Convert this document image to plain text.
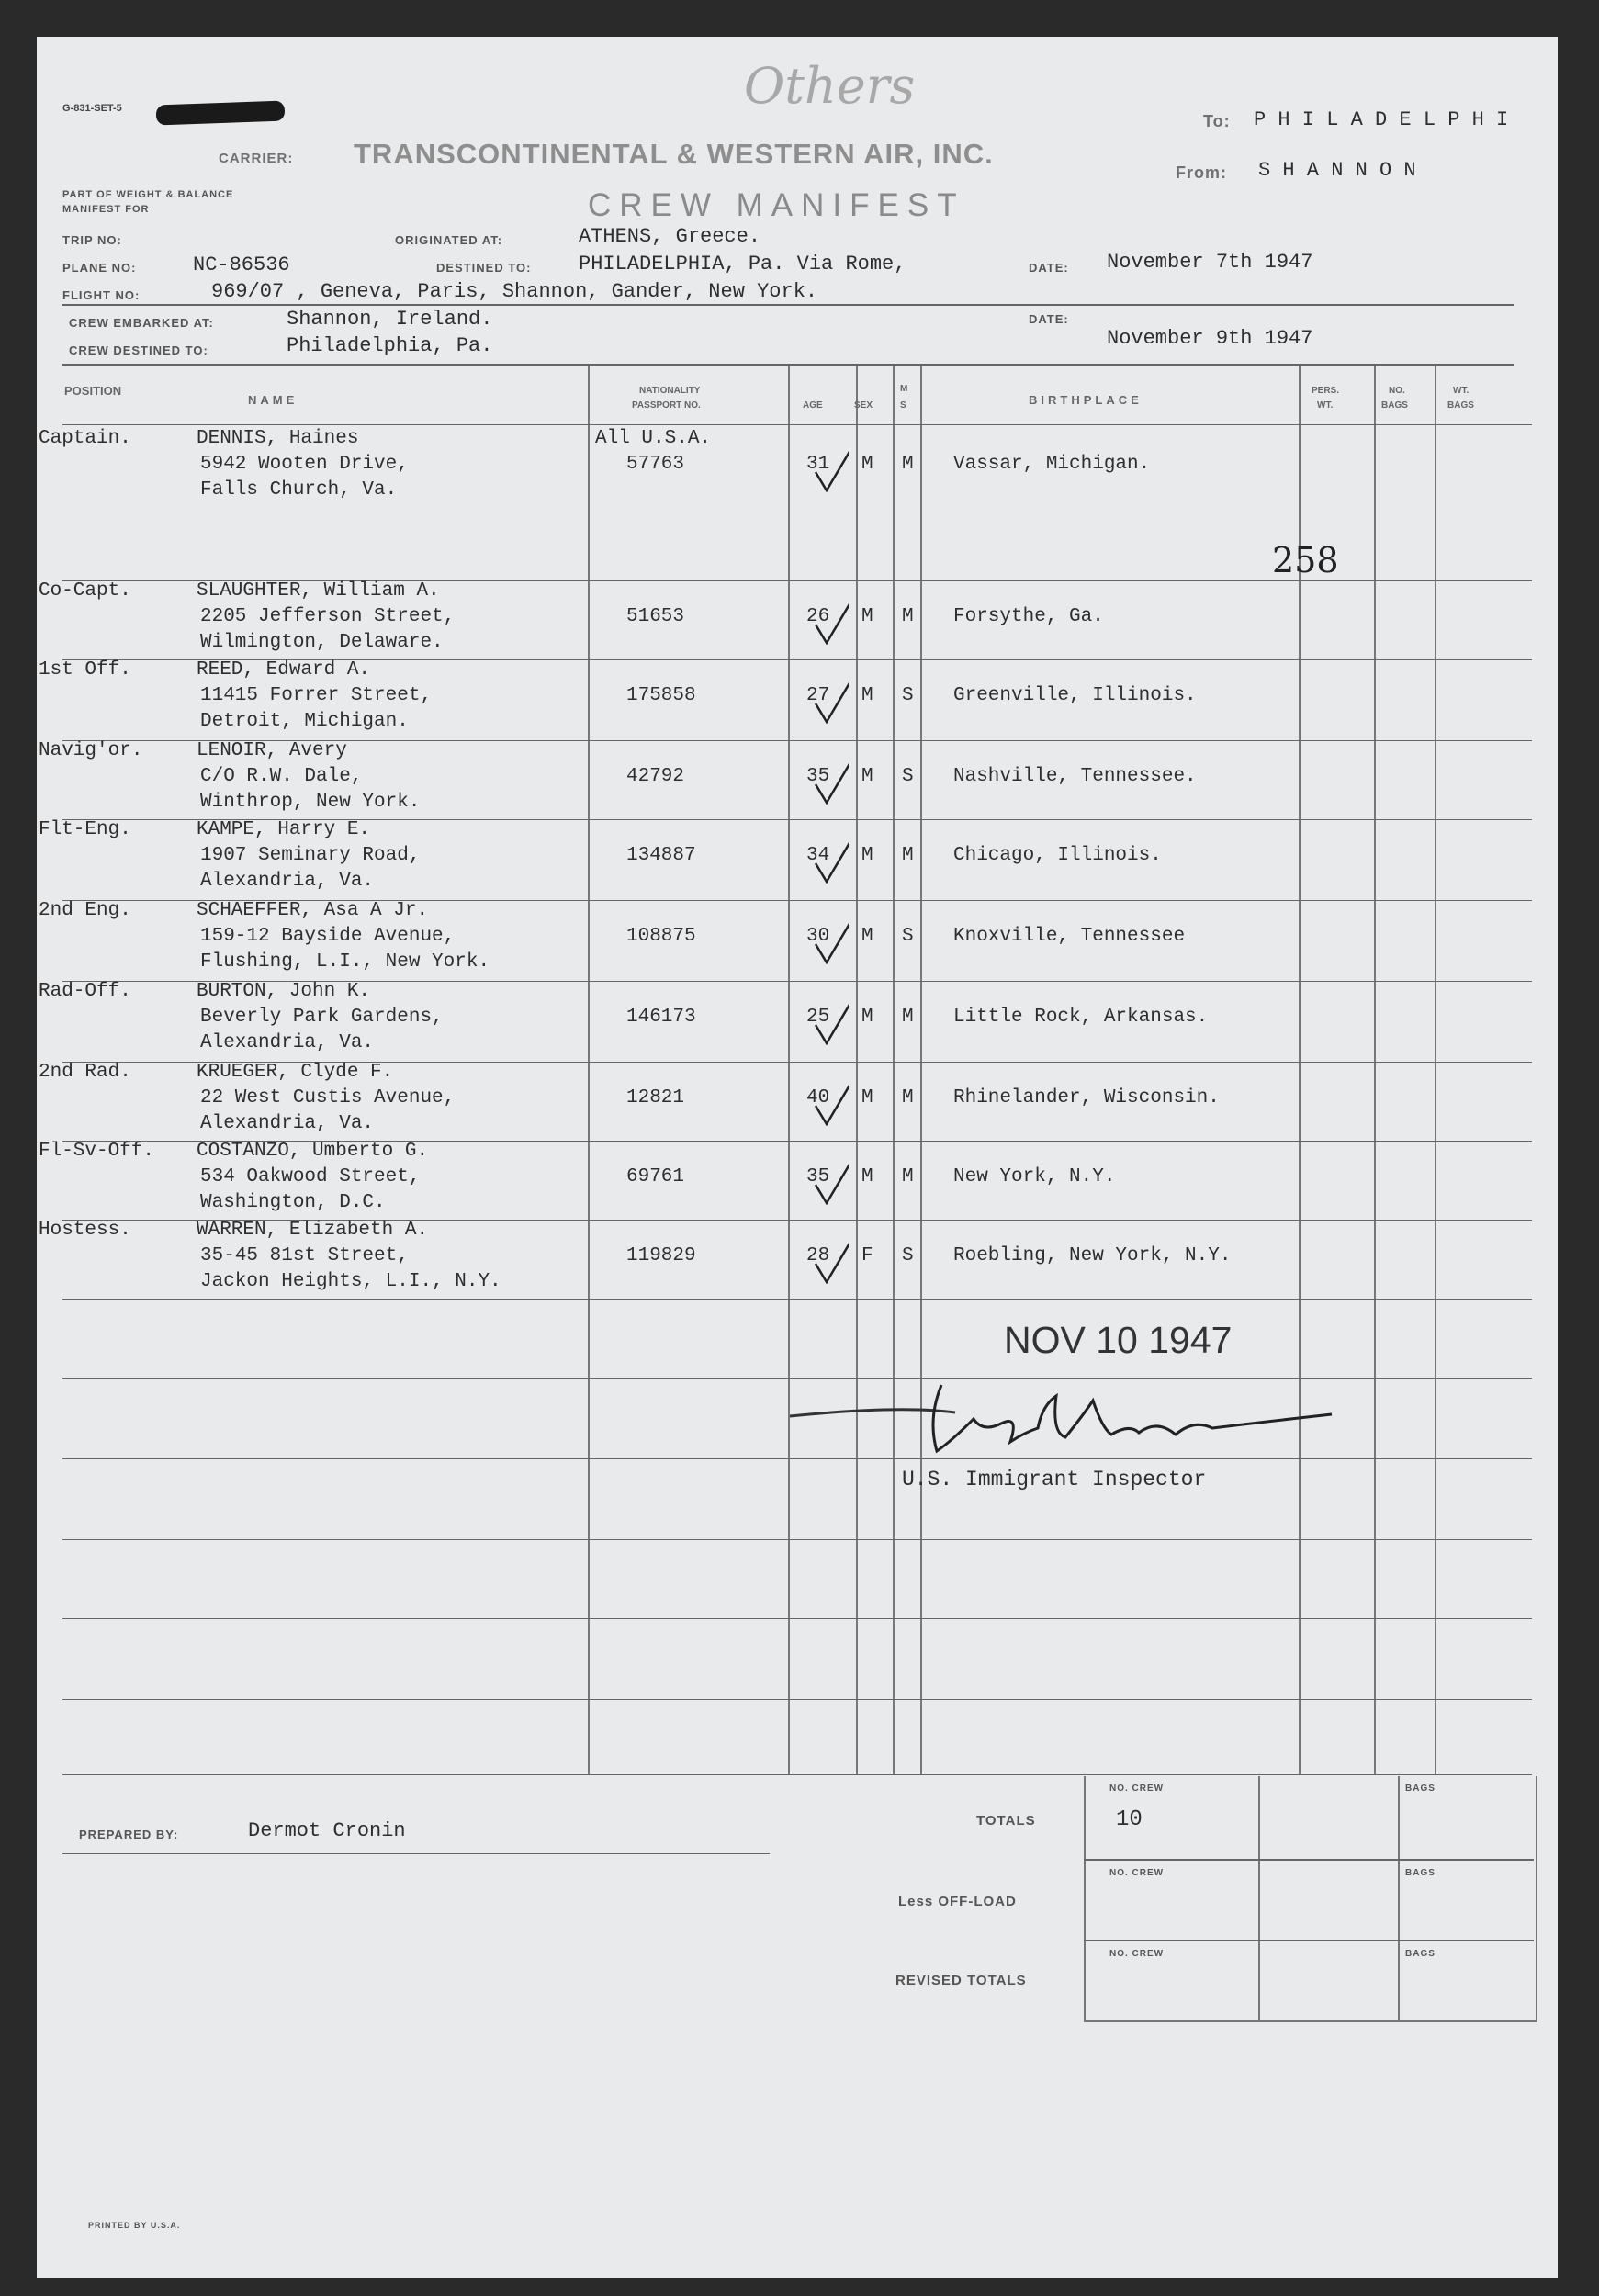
G-831-SET-5	Others
CARRIER: TRANSCONTINENTAL & WESTERN AIR, INC.
CREW MANIFEST
To: P H I L A D E L P H I
From: S H A N N O N
PART OF WEIGHT & BALANCE
MANIFEST FOR
TRIP NO:
PLANE NO:	NC-86536
FLIGHT NO:	969/07 , Geneva, Paris, Shannon, Gander, New York.
ORIGINATED AT:	ATHENS, Greece.
DESTINED TO: PHILADELPHIA, Pa. Via Rome,	DATE: November 7th 1947
CREW EMBARKED AT:	Shannon, Ireland.
CREW DESTINED TO:	Philadelphia, Pa.
DATE:
November 9th 1947
POSITION
NAME
NATIONALITY
PASSPORT NO.	AGE	SEX
M
S	BIRTHPLACE
PERS.
WT.
NO.
BAGS
WT.
BAGS
Captain.	DENNIS, Haines
5942 Wooten Drive,
Falls Church, Va.
All U.S.A.
57763	31 M M Vassar, Michigan.
Co-Capt.	SLAUGHTER, William A.
2205 Jefferson Street,
Wilmington, Delaware.
51653	26 M M Forsythe, Ga.
1st Off.	REED, Edward A.
11415 Forrer Street,
Detroit, Michigan.
175858	27 M S Greenville, Illinois.
Navig'or.	LENOIR, Avery
C/O R.W. Dale,
Winthrop, New York.
42792	35 M S Nashville, Tennessee.
Flt-Eng.	KAMPE, Harry E.
1907 Seminary Road,
Alexandria, Va.
134887	34 M M Chicago, Illinois.
2nd Eng.	SCHAEFFER, Asa A Jr.
159-12 Bayside Avenue,
Flushing, L.I., New York.
108875	30 M S Knoxville, Tennessee
Rad-Off.	BURTON, John K.
Beverly Park Gardens,
Alexandria, Va.
146173	25 M M Little Rock, Arkansas.
2nd Rad.	KRUEGER, Clyde F.
22 West Custis Avenue,
Alexandria, Va.
12821	40 M M Rhinelander, Wisconsin.
Fl-Sv-Off. COSTANZO, Umberto G.
534 Oakwood Street,
Washington, D.C.
69761	35 M M New York, N.Y.
Hostess.	WARREN, Elizabeth A.
35-45 81st Street,
Jackon Heights, L.I., N.Y.
119829	28 F S Roebling, New York, N.Y.
258
NOV 10 1947
U.S. Immigrant Inspector
PREPARED BY:	Dermot Cronin	TOTALS
Less OFF-LOAD
REVISED TOTALS
NO. CREW	BAGS
10
NO. CREW	BAGS
NO. CREW	BAGS
PRINTED BY U.S.A.
